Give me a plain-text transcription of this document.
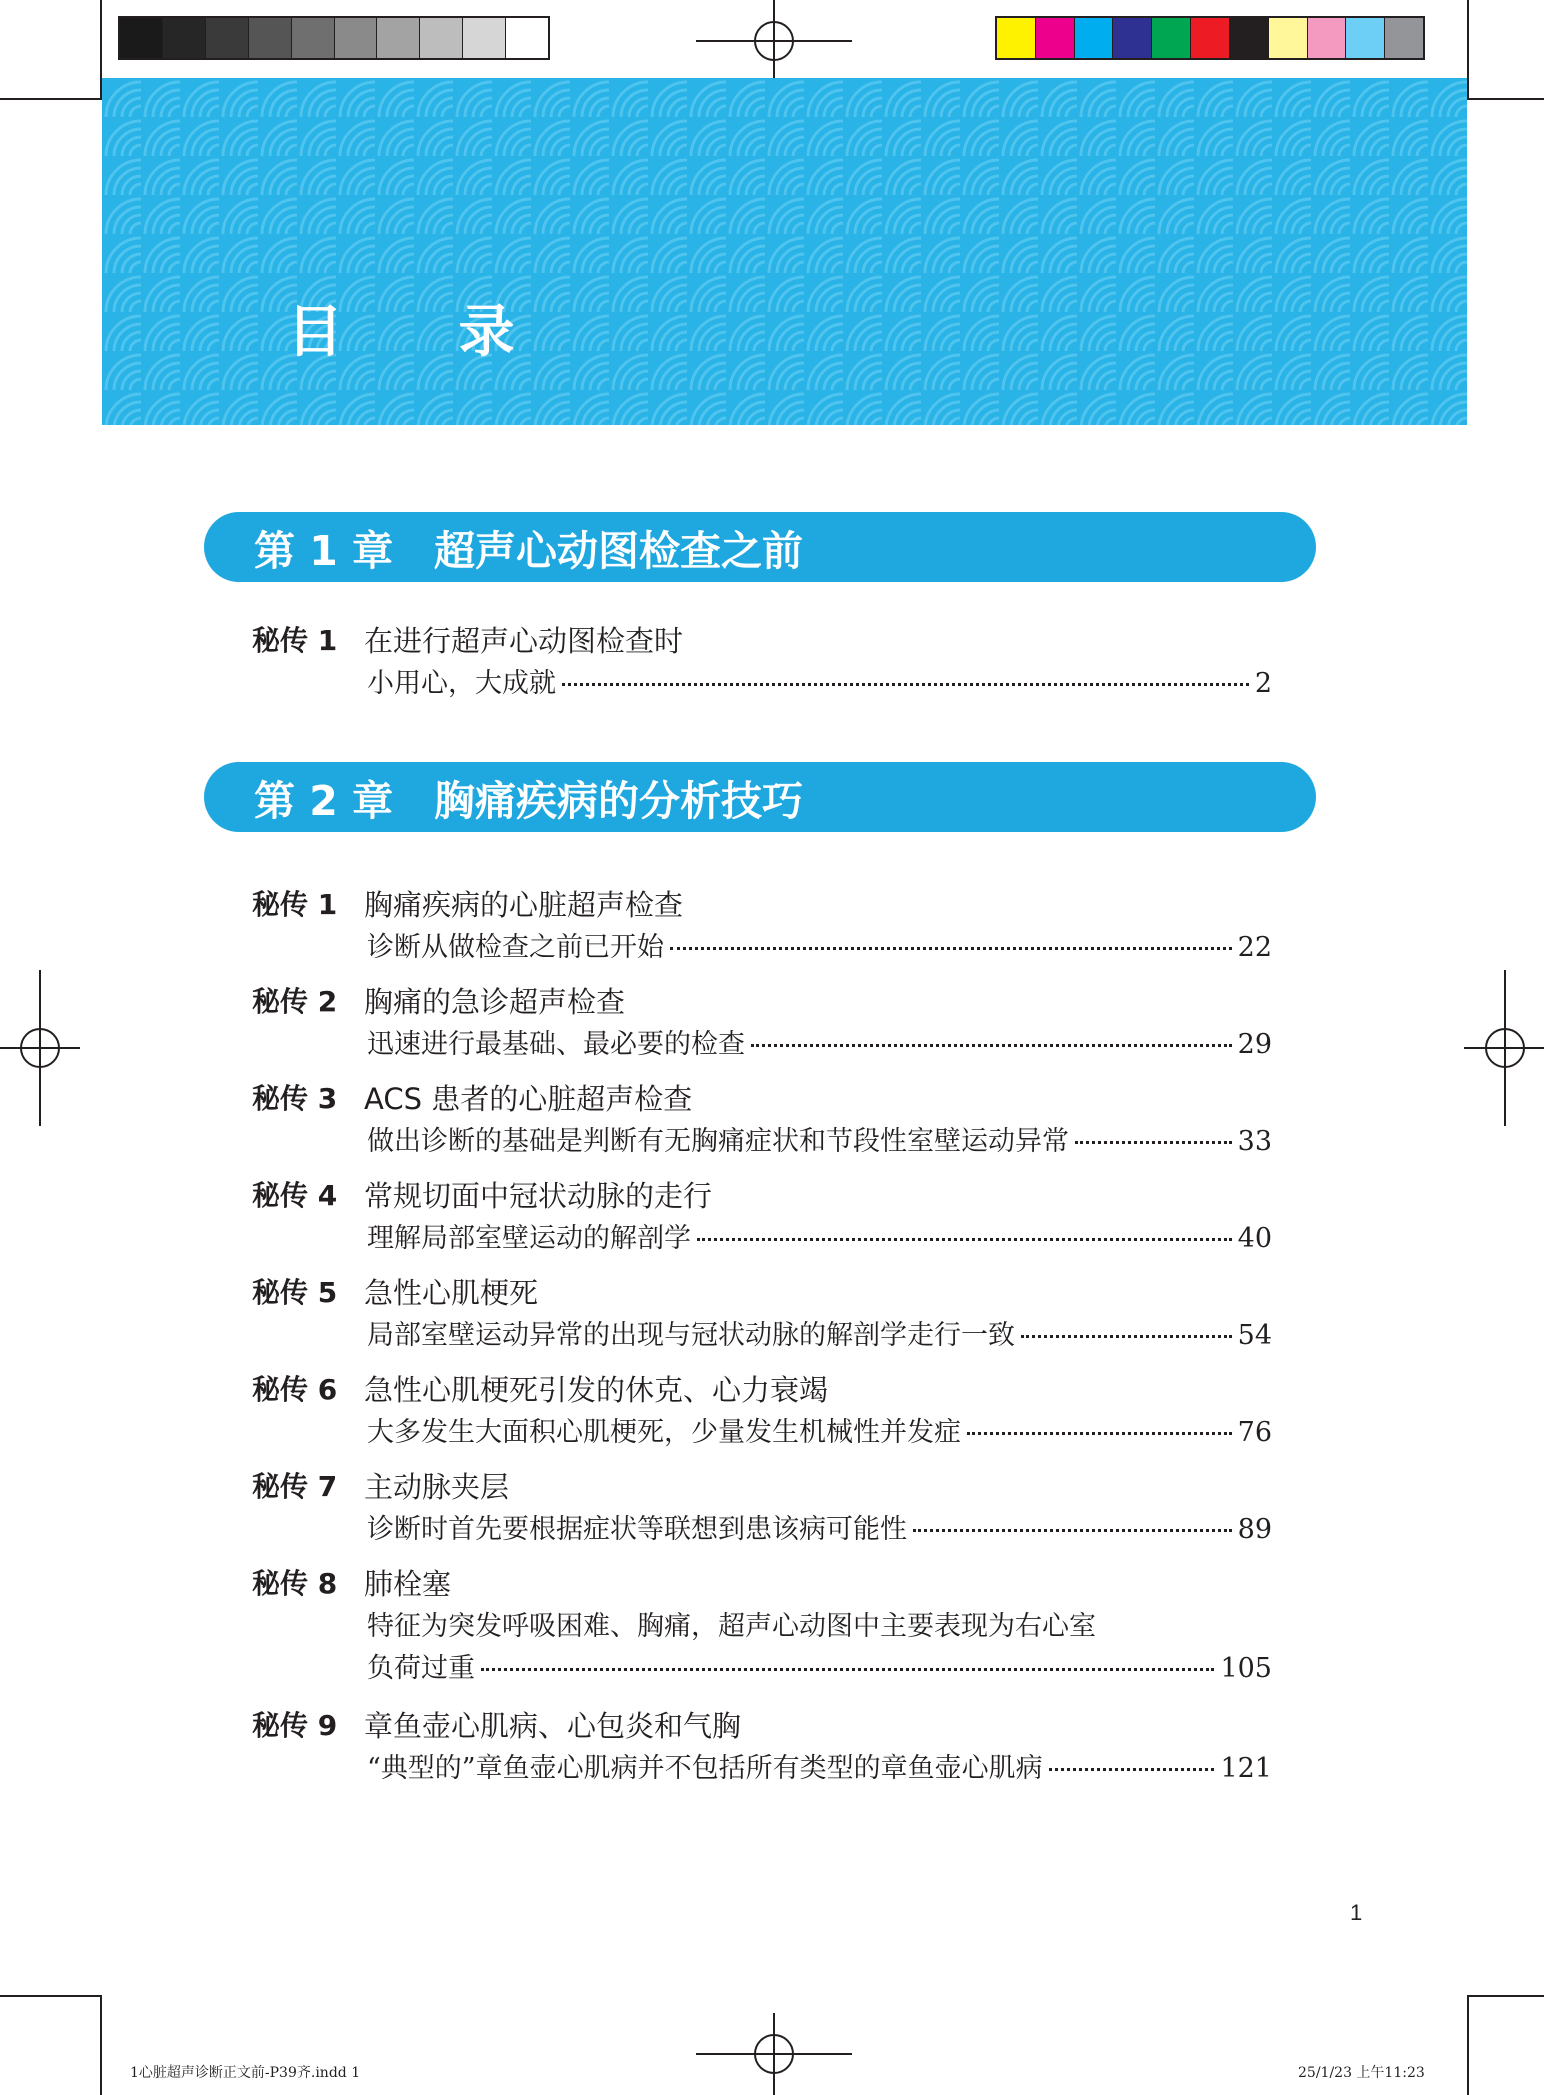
目 录
第 1 章 超声心动图检查之前
秘传 1 在进行超声心动图检查时
小用心，大成就	2
第 2 章 胸痛疾病的分析技巧
秘传 1 胸痛疾病的心脏超声检查
诊断从做检查之前已开始	22
秘传 2 胸痛的急诊超声检查
迅速进行最基础、最必要的检查	29
秘传 3 ACS 患者的心脏超声检查
做出诊断的基础是判断有无胸痛症状和节段性室壁运动异常	33
秘传 4 常规切面中冠状动脉的走行
理解局部室壁运动的解剖学	40
秘传 5 急性心肌梗死
局部室壁运动异常的出现与冠状动脉的解剖学走行一致	54
秘传 6 急性心肌梗死引发的休克、心力衰竭
大多发生大面积心肌梗死，少量发生机械性并发症	76
秘传 7 主动脉夹层
诊断时首先要根据症状等联想到患该病可能性	89
秘传 8 肺栓塞
特征为突发呼吸困难、胸痛，超声心动图中主要表现为右心室
负荷过重	105
秘传 9 章鱼壶心肌病、心包炎和气胸
“典型的”章鱼壶心肌病并不包括所有类型的章鱼壶心肌病	121
1
1心脏超声诊断正文前-P39齐.indd 1	25/1/23 上午11:23
